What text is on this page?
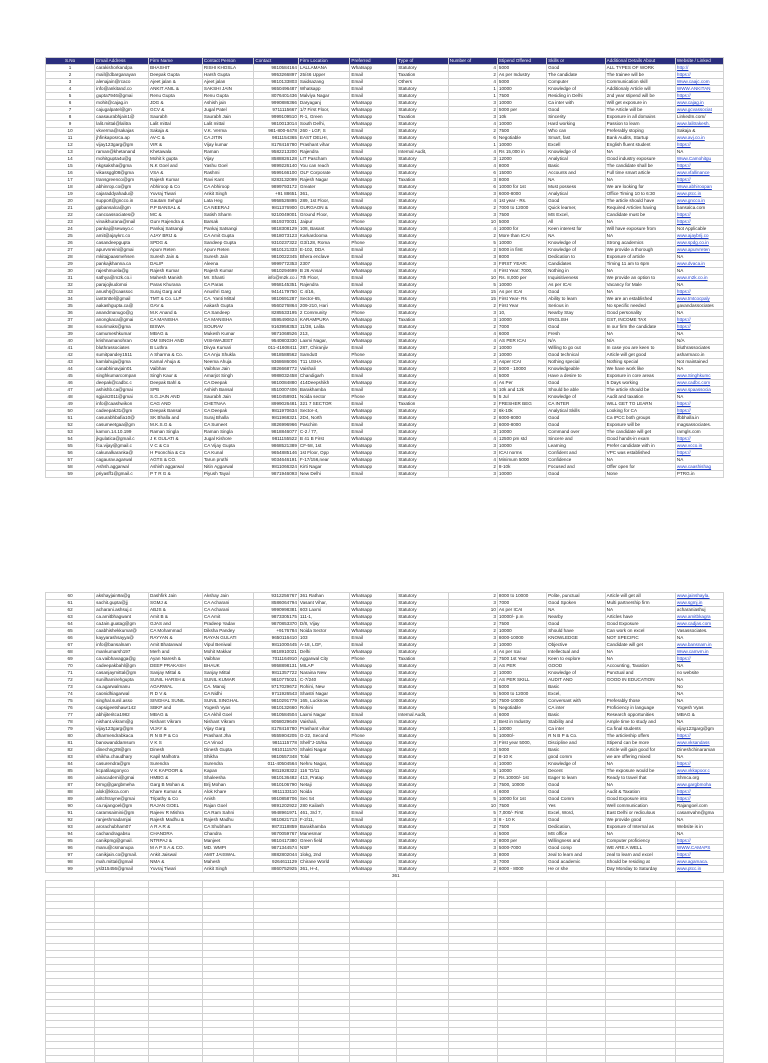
S.No	Email Address	Firm Name	Contact Person	Contact	Firm Location	Preferred	Type of	Number of	Stipend Offered	Skills or	Additional Details About	Website / Linked
1	carakishorkandpa	BHASHIT	RISHI KHOSLA	9810584164	LALLAMANA	Whatsapp	Statutory	4	5000	Good	ALL TYPES OF WORK	http://
2	mail@dbarganayan	Deepak Gupta	Harsh Gupta	9953266897	25/46 Upper	Email	Taxation	2	As per Industry	The candidate	The trainee will be	https://
3	alenajain@rcaco	Ajeet jalan &	Ajeet jalan	9810133803	Saidsazang	Email	Others	4	5000	Computer	Communication skill	Www.caajc.com
4	info@ankitand.co	ANKIT ANIL &	SAKSHI JAIN	9650496487	Whatsapp	Email	Statutory	1	10000	Knowledge of	Additionaly Article will	WWW.ANKITAN
5	gupta7946@gmai	Renu Gupta	Renu Gupta	8076401436	Malviya Nagar	Email	Statutory	1	7500	Residing in Delhi	2nd year stipend will be	https://
6	mohit@cajag.in	JDG &	Ashish jain	9990886366	Daryaganj	Whatsapp	Statutory	3	10000	Ca inter with	Will get exposure in	www.cajag.in
7	cajugalpatel@gm	GCV &	Jugal Patel	9711115667	1/7 First Floor,	Whatsapp	Statutory	2	5000 per	Good	The Article will be	www.gcvassociat
8	caasaurabhjain1@	Saurabh	Saurabh Jain	9999109510	R-1, Green	Whatsapp	Taxation	3	10k	Sincerity	Exposure in all domains	LinkedIn.com/
9	lalit.mittal@lalitra	Lalit mittal	Lalit mittal	9810013014	South Delhi,	Whatsapp	Statutory	4	10000	Hard working	Passion to learn	www.lalitrakesh.
10	vkverma@sakajas	Sakaja &	V.K. Verma	981-800-6478	260 - LGF, S	Email	Statutory	2	7500	Who can	Preferably stoping	Sakaja &
11	jhfinkaposrca.ap	AV-C &	CA JITIN	9811154365	EAST DELHI,	Whatsapp	Statutory	6	Negotiable	Smart, fast	Bank Audits, Startup	www.avj.co.in
12	vijay123garg@gm	VIR &	Vijay kumar	8178416780	Prashant vihar	Whatsapp	Statutory	1	10000	Excell	English fluent student	https://
13	raman@khetanand	Khetawala	Raman	9582213200	Rajendra	Email	Internal Audit,	4	Rs 15,000 in	Knowledge of	NA	NA
14	mohitgupta4u@g	Mohit k gupta	Vijay	8588826128	LIT Pascham	Whatsapp	Statutory	3	12000	Analytical	Good industry exposure	Www.Camohitgu
15	nkgsaksha@gma	N.K Goel and	Yashu Goel	9899226140	You can reach	Whatsapp	Statutory	4	8000	Basic	The candidate shall be	https://
16	vikassggl08@gma	VSA &	Rashmi	9599166100	OLF Corporate	Whatsapp	Statutory	6	15000	Accounts and	Full time smart article	www.vfallinance
17	transgreenco@gm	Rajesh Kumar	Ravi Kant	8283132099	Rajesh Nagar	Whatsapp	Taxation	3	8000	NA	NA	https://
18	abhinrop.co@gm	Abhiroop & Co	CA Abhiroop	9899793172	Greater	Whatsapp	Statutory	6	10000 for 1st	Must possess	We are looking for	Www.abhiroopan
19	cajaraddyahadu@	Yuvraj Tiwari	Ankit Singh	+91 88651	361,	Whatsapp	Statutory	3	6000-8000	Analytical	Office Timing 10 to 6:30	www.ptcc.in
20	support@gncco.in	Gautam Sehgal	Lata Heg	9958526895	289, 1st Floor,	Email	Statutory	4	1st year - Rs.	Good	The article should have	www.gncco.in
21	gpbansalca@gm	P.P BANSAL &	CA NEERAJ	9811376900	GURGAON &	Whatsapp	Statutory	2	7000 to 12000	Quick learner,	Required Articles having	bansalca.com
22	cancoassociates@	MC &	Satish Sharm	9210049001	Ground Floor,	Whatsapp	Statutory	3	7500	MS Excel,	Candidate must be	https://
23	vinaikhurana@mail	Gurv Rajendra &	Barsak	8619370031	Jaipur	Phone	Statutory	10	5000	All	NA	https://
24	pankaj@sewayo.c	Pankaj Satsangi	Pankaj Satsangi	9818308129	108, Basant	Whatsapp	Statutory	4	10000 for	Keen interest for	Will have exposure from	Not Applicable
25	amit@ajaykrc.co	AJAY BRIJ &	CA Amit Gupta	9818073123	Karkardooma	Whatsapp	Statutory	2	More than ICAI	NA	NA	www.ajaybrij.co
26	casandeepgupta	SPDG &	Sandeep Gupta	9310237322	G3/128, Roma	Phone	Statutory	5	10000	Knowledge of	Strong academics	www.spdg.co.in
27	apurvnreini@gmai	Apurv Reten	Apurv Reten	9810121333	E-102, DDA	Email	Statutory	2	5000 in first	Knowledge of	We provide a thorough	www.apurvreten
28	mkitajpaasmehsen	Suresh Jain &	Suresh Jain	9810022345	Bhera enclave	Email	Statutory	3	8000	Dedication to	Exposure of article	NA
29	pankajkhanna.ca	DALIP	Aleena	9999772353	2307	Whatsapp	Statutory	3	FIRST YEAR:	Candidates	Timing 11 am to 6pm	www.dvaca.in
30	rajeshmuela@g	Rajesh Kumar	Rajesh Kumar	9810294699	B 26 Ansal	Whatsapp	Statutory	4	First Year: 7000,	Nothing in	NA	NA
31	sathya@m2k.co.i	Mahesh Manish	Mr. Shanti	info@m2k.co.i	7th Floor,	Email	Statutory	10	Rs. 8,000 per	Inquisitiveness	We provide an option to	www.m2k.co.in
32	parajojkudomoi	Paras Khurana	CA Paras	9958145351	Rajendra	Email	Statutory	5	10000	As per ICAI	Vacancy for Male	NA
33	anushrj@caassoc	Suraj Garg and	Anushri Garg	9414179750	C 4/16,	Whatsapp	Statutory	15	As per ICAI	Good	NA	https://
34	ianttmttel@gmail	TMT & Co. LLP	CA. Yanti Mittal	9810691287	Sector-65,	Whatsapp	Statutory	15	First Year- Rs	Ability to learn	We are an established	www.tmtcocpaly
35	aakashgupta.ca@	GAV &	Aakash Gupta	9560276864	209-210, Hari	Whatsapp	Statutory	2	First Year	Serious in	No specific needed	gavandassociates
36	anandmanugo@g	M.K Anand &	CA Sandeep	8285533195	2 Community	Phone	Statutory	3	10,	Nearby Stay	Good personality	NA
37	anongkaca@gmai	CA MANISHA	CA MANISHA	8595490624	KARAMPURA	Whatsapp	Taxation	3	10000	ENGLISH	GST, INCOME TAX	https://
38	sourimaks@gma	BISWA	SOURAV	9163958353	11/38, Lalita	Whatsapp	Statutory	2	7000	Good	In our firm the candidate	https://
39	camumeshkumar	MBAG &	Mukesh Kumar	9871068526	213,	Whatsapp	Statutory	4	6000	Fresh	NA	NA
40	krishnamanohran	OM SINGH AND	VISHWAJEET	9540803330	Laxmi Nagar,	Whatsapp	Statutory	4	AS PER ICAI	N/A	N/A	N/A
41	bluthrassociates	B Luthra	Divya Kumari	011-41608411	287, Chiranjiv	Email	Statutory	2	10000	Willing to go out	In case you are keen to	bluthrassociates
42	sumitpandey1511	A Sharma & Co.	CA Anju Shukla	9818588562	Samdutt	Phone	Statutory	2	10000	Good technical	Article will get good	asharmaco.in
43	kamlahuja@gma	Kamal Ahuja &	Neema Ahuja	9368686006	T11 USHA	Whatsapp	Statutory	3	Asper ICAI	Nothing special	Nothing special	Not maintained
44	canabhinavjain01	Vaibhav	Vaibhav Jain	8826668772	Vaishali	Whatsapp	Statutory	2	5000 - 10000	Knowledgeable	We have work like	NA
45	singhkumarcompan	Singh Kaur &	Amarjot Singh	9988032458	Chandigarh	Email	Statutory	4	5000	Have a desire to	Exposure in core areas	www.Singhkumc
46	deepak@cadbc.c	Deepak Bahl &	CA Deepak	9810084880	414Deepshikh	Whatsapp	Statutory	4	As Per	Good	5 Days working	www.cadbc.com
47	ashishb.ca@gmai	SPB	Ashish Bansal	8510007406	Barakhamba	Email	Statutory	5	10k and 12k	Should be able	The article should be	www.spaassocia
48	sgjain2011@gmai	S.G.JAIN AND	Saurabh Jain	9810458931	Noida sector	Phone	Statutory	5	5 Jul	Knowledge of	Audit and taxation	NA
49	info@caashwikon	CAG AND	CHETNAA	8999026481	321 7 SECTOR	Email	Taxation	2	FRESHER BEG	CA INTER	WILL GET TO LEARN	https://
50	cadeepak31@gm	Deepak Bansal	CA Deepak	9811970634	Sector-4,	Whatsapp	Statutory	2	6k-10k	Analytical Skills	Looking for CA	https://
51	casurabhbafia10@	SK Bhalla and	Suraj Bhalla	9811968321	2D4, North	Whatsapp	Statutory	2	6000-8000	Good	Ca IPCC both groups	ifbbhalla.in
52	casumeetgaa@gm	M.K.S.G &	CA Sumeet	8826996966	Paschim	Email	Statutory	2	6000-8000	Good	Exposure will be	magsassociates.
53	kamxn.14.10.199	Raman Singla	Raman Singla	9818846077	C-2 / 77,	Email	Statutory	3	10000	Command over	The candidate will get	ramgls.com
54	jkgulatica@gmail.c	J K GULATI &	Jugal Kishore	9811155522	B 41 B First	Whatsapp	Statutory	4	12500 pm std	Sincere and	Good hands-in exam	https://
55	fca.vijay@gmail.c	V C & Co	CA Vijay Gupta	9868521389	CF-58, 1st	Whatsapp	Statutory	3	10000	Learning	Prefer candidate with in	www.vcco.in
56	cakunalkaranka@	H Poonchia & Co	CA Kunal	9654885146	1st Floor, Opp	Whatsapp	Statutory	3	ICAI norms	Confident and	VPC was established	https://
57	cagaurav.agarwal	AGTS & CO.	Tarun pruthi	9034646191	F-17/156,near	Whatsapp	Statutory	4	Minimum 5000	Confidence	NA	NA
58	Ashsh.aggarwal	Ashish aggarwal	Nitin Aggarwal	9811066324	Kirti Nagar	Whatsapp	Statutory	2	8-10k	Focused and	Offer open for	www.caashishag
59	priyasff1@gmail.c	P T R G &	Piyush Tayal	9871946093	New Delhi	Email	Statutory	3	10000	Good	None	PTRG.in
60	akshayjain9a@g	Dashfirk Jain	Akshay Jain	9312256767	361 Rathan	Whatsapp	Statutory	2	8000 to 10000	Polite, punctual	Article will get all	www.jainshayla.
61	sachit.gupta@jj	SGMJ &	CA Acharani	8586064794	Vasant Vihar,	Whatsapp	Statutory	3	7000	Good Spoken	Multi partnership firm	www.sgmj.in
62	acharani.ashsuj.c	ABJS &	CA Acharani	9990998381	603 Laxmi	Whatsapp	Statutory	10	As per ICAI	NA	NA	acharaniashuj
63	ca.amitbhagwant	Amit B &	CA Amit	9873305175	111-1,	Whatsapp	Statutory	3	10000/- p.m	Nearby	Articles have	www.amitbkagra
64	caJain.guatag@gm	GJAS and	Pradeep Yadav	9870853370	D/8, Vijay	Whatsapp	Statutory	2	7500	Good	Good Exposure	www.cadjas.com
65	caabhishekkumar@	CA Mohammad	Diksha Pandey	+9176784	Noida Sector	Whatsapp	Statutory	2	10000	Should have	Can work on excel	Vasassociates.
66	kayyarashsayya@	RAYYAN &	RAYAN GULATI	9650116410	103	Email	Statutory	3	8000-10000	KNOWLEDGE	NOT SPECIFIC	NA
67	info@bansalnam	Amit Bhatanwal	Vipul Beniwal	9811000445	A-18, LGF,	Email	Statutory	2	10000	Objective	Candidate will get	www.bansnam.in
68	mankumarsh197	Merh and	Mohit Makkar	9818910021	Delhi	Whatsapp	Statutory	4	As per Icai	Intellectual and	NA	Www.camvm.in
69	ca.vaibhavagga@g	Ayan Naresh &	Vaibhav	7011164910	Aggarwal City	Phone	Taxation	2	7500 1st Year	Keen to explore	NA	https://
70	cadeepakbahl@gm	DEEP PRAKASH	BHAUK	9958898131	MILAP	Whatsapp	Statutory	3	AS PER	GOOD	Accounting, Taxation	NA
71	casanjaymittal@gm	Sanjay Mittal &	Sanjay Mittal	9811357722	Naraina New	Whatsapp	Statutory	2	10000	Knowledge of	Punctual and	no website
72	sunilhamirehgupta	SUNIL HARSH &	SUNIL KUMAR	9810775021	C-7/240	Whatsapp	Statutory	2	AS PER SKILL	AUDIT AND	GOOD IN EDUCATION	NA
73	ca.agarwalmanu	AGARWAL	CA. Manoj	9717029672	Rohini, New	Whatsapp	Statutory	3	5000	Basic		No
74	caonidhiagarwal	R D V &	CA Nidhi	9711926543	Shastri Nagar	Whatsapp	Statutory	5	5000 to 12000	Excel,		NA
75	singhal.sunil.asso	SINGHAL SUNIL	SUNIL SINGHAL	9810291779	165, Lucknow	Whatsapp	Statutory	10	7500-10000	Conversant with	Preferably those	NA
76	capsigeetshawr142	SBKP and	Yogesh Vyas	9810132660	Rohini	Whatsapp	Statutory	5	Negotiable	CA inter	Proficiency in language	Yogesh Vyas
77	abhijiteritca1982	MBAG &	CA Akhil Goel	9810584504	Laxmi Nagar	Email	Internal Audit,	4	6000	Basic	Research opportunities	MBAG &
78	nishant.vikram@g	Nishant Vikram	Nishant Vikram	9058029649	Vaishali,	Whatsapp	Statutory	2	Best in Industry	Stability and	Ample time to study and	NA
79	vijay123garg@gm	VIJAY &	Vijay Garg	8178416780	Prashant vihar	Whatsapp	Statutory	1	10000	Ca inter	Ca final students	vijay123garg@gm
80	dharmendrabkaca	R N B P & Co	Prashant Jha	9555904205	G-22, Second	Phone	Statutory	5	10000/-	R N B P & Co.	The articleship offers	https://
81	banowanddamsum	V K S	CA Vinod	9811115778	Shell"J-15/6a	Whatsapp	Statutory	3	First year 5000,	Discipline and	Stipend can be more	www.vksandass
82	dinechng29@gm	Dinesh	Dinesh Gupta	9810111570	Shakti Nagar	Whatsapp	Statutory	3	5000	Basic	Article will gain good for	Dineshchinaraman
83	shikha.chaudhary	Kapil Malhotra	Shikha	9810557348	Tolal	Whatsapp	Statutory	2	8-10 K	good comm	we are offering mixed	NA
84	casurendra@gm	Surendra	Surendra	011-40504564	Nehru Nagar,	Whatsapp	Statutory	4	10000	Knowledge of	NA	https://
85	kcpatilasgonyco	V K KAPOOR &	Kapan	9811928322	116 "D/11	Whatsapp	Statutory	5	10000	Decent	The exposure would be	www.vkkapoor.c
86	ainacademi@gmai	HMBG &	Shaleesha	9810136482	413, Pratap	Whatsapp	Statutory	2	Rs.10000/- 1st	Eager to learn	Ready to travel that	Shmca.org
87	brmg@gargbmeha	Garg B Mohan &	Brij Mohan	9810106790	Netaji	Whatsapp	Statutory	2	7500, 10000	Good	NA	www.gargbmoha
88	alok@kkca.com	Khare Kumar &	Alok Khare	9811133110	Noida	Whatsapp	Statutory	4	6000	Good	Audit & Taxation	https://
89	aritchtrayne@gmai	Tripathy & Co	Anish	9910858706	Sec 54	Whatsapp	Statutory	5	10000 for 1st	Good Comm	Good Exposure into	https://
90	ca.rajangoel@gm	RAJAN GOEL	Rajan Goel	9891202922	280 Kailash	Whatsapp	Statutory	10	7500	Yes	Well communication	Rajangoel.com
91	caramsaimini@gm	Rajeev R Mishra	CA Ram Sahni	9948961971	461, 3rd 7,	Email	Statutory	5	7,000/- First	Excel, Word,	East Delhi or rediculous	casamvahn@gma
92	ranjeshmadamjai	Rajesh Madhu &	Rajesh Madhu	9810821713	F-2/11,	Email	Statutory	3	8 - 10 K	Good	We provide good	NA
93	arorachubham07	A R A R &	CA Shubham	9873118859	Barakhamba	Whatsapp	Statutory	2	7500	Dedication,	Exposure of Internal as	Website is in
94	cachandragabsu	CHANDRA	Chandra	9870059767	Manesmar	Whatsapp	Statutory	4	5000	MS office	NA	NA
95	canikpmg@gmail.	NTRPAJ &	Manjeet	9810417380	Green field	Whatsapp	Statutory	2	8000 per	Willingness and	Computer proficiency	https://
96	manu@csmanupa	M A P S A & CO.	MD. WMPI	9871344574	NSP	Whatsapp	Statutory	3	5000-7000	Good comp	WE ARE A WELL	WWW.CAMAPS
97	canikjain.co@gmail.	Ankit Jaiswal	AMIT JAISWAL	8882802044	1lokg, 2nd	Whatsapp	Statutory	3	8000	zeal to learn and	zeal to learn and excel	https://
98	mah.mittal@gmail	NMA &	Mahesh	9264611129	Chirane World	Whatsapp	Statutory	3	7000	Good academic	Should be residing at	www.agamaca.
99	ysl315456@gmail	Yuvraj Tiwari	Ankit Singh	8860752925	361, H-4,	Whatsapp	Statutory	2	6000 - 8000	He or she	Day Monday to Saturday	www.ptcc.in
361
